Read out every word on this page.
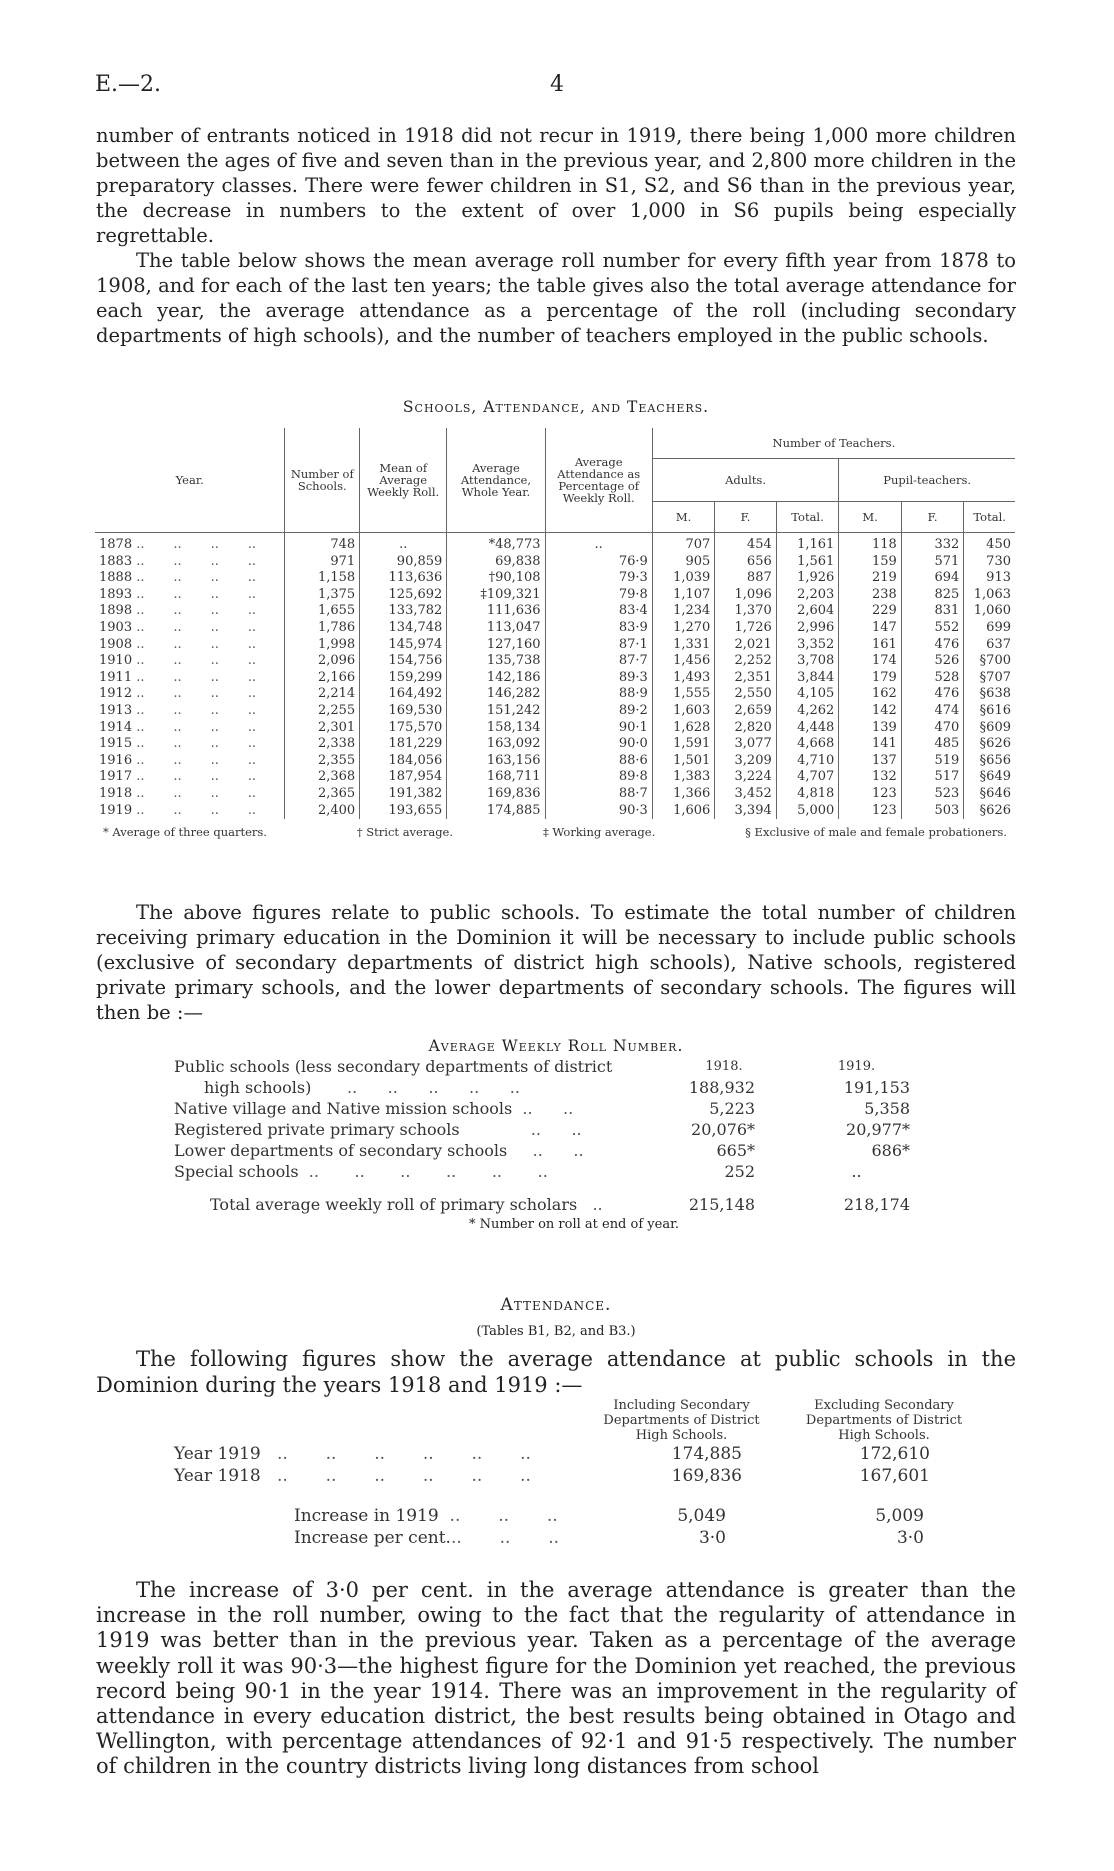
E.—2.	4

number of entrants noticed in 1918 did not recur in 1919, there being 1,000 more children between the ages of five and seven than in the previous year, and 2,800 more children in the preparatory classes. There were fewer children in S1, S2, and S6 than in the previous year, the decrease in numbers to the extent of over 1,000 in S6 pupils being especially regrettable.

The table below shows the mean average roll number for every fifth year from 1878 to 1908, and for each of the last ten years; the table gives also the total average attendance for each year, the average attendance as a percentage of the roll (including secondary departments of high schools), and the number of teachers employed in the public schools.

Schools, Attendance, and Teachers.
Year.	Number of Schools.	Mean of Average Weekly Roll.	Average Attendance, Whole Year.	Average Attendance as Percentage of Weekly Roll.	Number of Teachers.					
					Adults.			Pupil-teachers.		
					M.	F.	Total.	M.	F.	Total.
1878 ..       ..       ..       ..	748	..	*48,773	..	707	454	1,161	118	332	450
1883 ..       ..       ..       ..	971	90,859	69,838	76·9	905	656	1,561	159	571	730
1888 ..       ..       ..       ..	1,158	113,636	†90,108	79·3	1,039	887	1,926	219	694	913
1893 ..       ..       ..       ..	1,375	125,692	‡109,321	79·8	1,107	1,096	2,203	238	825	1,063
1898 ..       ..       ..       ..	1,655	133,782	111,636	83·4	1,234	1,370	2,604	229	831	1,060
1903 ..       ..       ..       ..	1,786	134,748	113,047	83·9	1,270	1,726	2,996	147	552	699
1908 ..       ..       ..       ..	1,998	145,974	127,160	87·1	1,331	2,021	3,352	161	476	637
1910 ..       ..       ..       ..	2,096	154,756	135,738	87·7	1,456	2,252	3,708	174	526	§700
1911 ..       ..       ..       ..	2,166	159,299	142,186	89·3	1,493	2,351	3,844	179	528	§707
1912 ..       ..       ..       ..	2,214	164,492	146,282	88·9	1,555	2,550	4,105	162	476	§638
1913 ..       ..       ..       ..	2,255	169,530	151,242	89·2	1,603	2,659	4,262	142	474	§616
1914 ..       ..       ..       ..	2,301	175,570	158,134	90·1	1,628	2,820	4,448	139	470	§609
1915 ..       ..       ..       ..	2,338	181,229	163,092	90·0	1,591	3,077	4,668	141	485	§626
1916 ..       ..       ..       ..	2,355	184,056	163,156	88·6	1,501	3,209	4,710	137	519	§656
1917 ..       ..       ..       ..	2,368	187,954	168,711	89·8	1,383	3,224	4,707	132	517	§649
1918 ..       ..       ..       ..	2,365	191,382	169,836	88·7	1,366	3,452	4,818	123	523	§646
1919 ..       ..       ..       ..	2,400	193,655	174,885	90·3	1,606	3,394	5,000	123	503	§626
* Average of three quarters.	† Strict average.	‡ Working average.	§ Exclusive of male and female probationers.

The above figures relate to public schools. To estimate the total number of children receiving primary education in the Dominion it will be necessary to include public schools (exclusive of secondary departments of district high schools), Native schools, registered private primary schools, and the lower departments of secondary schools. The figures will then be :—

Average Weekly Roll Number.
Public schools (less secondary departments of district	1918.	1919.
high schools)       ..      ..      ..      ..      ..	188,932	191,153
Native village and Native mission schools  ..      ..	5,223	5,358
Registered private primary schools              ..      ..	20,076*	20,977*
Lower departments of secondary schools     ..      ..	665*	686*
Special schools  ..       ..       ..       ..       ..       ..	252	..

Total average weekly roll of primary scholars   ..	215,148	218,174
* Number on roll at end of year.
Attendance.
(Tables B1, B2, and B3.)

The following figures show the average attendance at public schools in the Dominion during the years 1918 and 1919 :—

	Including Secondary Departments of District High Schools.	Excluding Secondary Departments of District High Schools.
Year 1919   ..       ..       ..       ..       ..       ..	174,885	172,610
Year 1918   ..       ..       ..       ..       ..       ..	169,836	167,601

Increase in 1919  ..       ..       ..	5,049	5,009
Increase per cent...       ..       ..	3·0	3·0

The increase of 3·0 per cent. in the average attendance is greater than the increase in the roll number, owing to the fact that the regularity of attendance in 1919 was better than in the previous year. Taken as a percentage of the average weekly roll it was 90·3—the highest figure for the Dominion yet reached, the previous record being 90·1 in the year 1914. There was an improvement in the regularity of attendance in every education district, the best results being obtained in Otago and Wellington, with percentage attendances of 92·1 and 91·5 respectively. The number of children in the country districts living long distances from school
